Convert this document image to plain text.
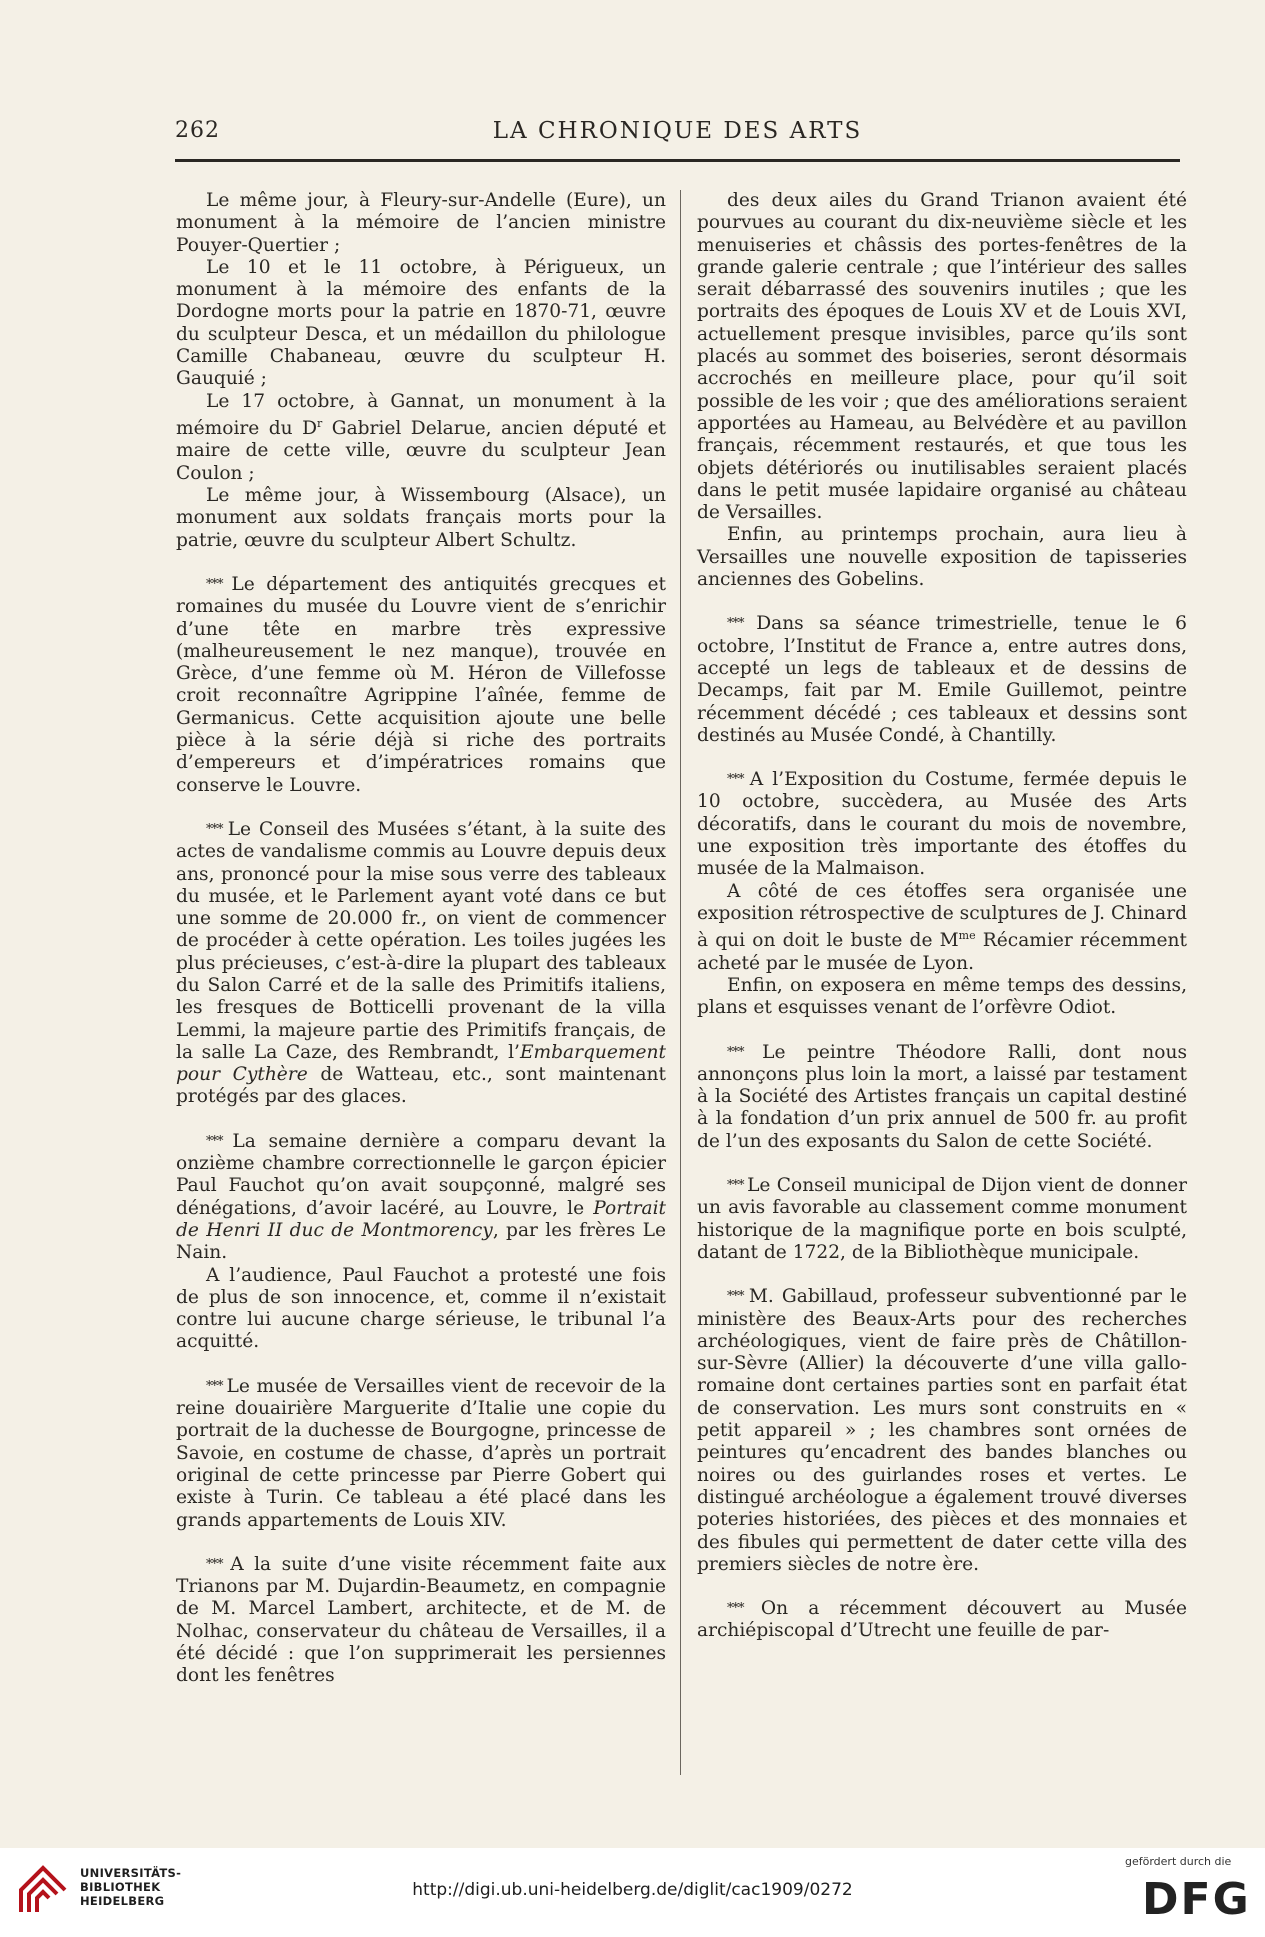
262	LA CHRONIQUE DES ARTS

Le même jour, à Fleury-sur-Andelle (Eure), un monument à la mémoire de l’ancien ministre Pouyer-Quertier ;

Le 10 et le 11 octobre, à Périgueux, un monument à la mémoire des enfants de la Dordogne morts pour la patrie en 1870-71, œuvre du sculpteur Desca, et un médaillon du philologue Camille Chabaneau, œuvre du sculpteur H. Gauquié ;

Le 17 octobre, à Gannat, un monument à la mémoire du $D^r$ Gabriel Delarue, ancien député et maire de cette ville, œuvre du sculpteur Jean Coulon ;

Le même jour, à Wissembourg (Alsace), un monument aux soldats français morts pour la patrie, œuvre du sculpteur Albert Schultz.

*** Le département des antiquités grecques et romaines du musée du Louvre vient de s’enrichir d’une tête en marbre très expressive (malheureusement le nez manque), trouvée en Grèce, d’une femme où M. Héron de Villefosse croit reconnaître Agrippine l’aînée, femme de Germanicus. Cette acquisition ajoute une belle pièce à la série déjà si riche des portraits d’empereurs et d’impératrices romains que conserve le Louvre.

*** Le Conseil des Musées s’étant, à la suite des actes de vandalisme commis au Louvre depuis deux ans, prononcé pour la mise sous verre des tableaux du musée, et le Parlement ayant voté dans ce but une somme de 20.000 fr., on vient de commencer de procéder à cette opération. Les toiles jugées les plus précieuses, c’est-à-dire la plupart des tableaux du Salon Carré et de la salle des Primitifs italiens, les fresques de Botticelli provenant de la villa Lemmi, la majeure partie des Primitifs français, de la salle La Caze, des Rembrandt, l’Embarquement pour Cythère de Watteau, etc., sont maintenant protégés par des glaces.

*** La semaine dernière a comparu devant la onzième chambre correctionnelle le garçon épicier Paul Fauchot qu’on avait soupçonné, malgré ses dénégations, d’avoir lacéré, au Louvre, le Portrait de Henri II duc de Montmorency, par les frères Le Nain.

A l’audience, Paul Fauchot a protesté une fois de plus de son innocence, et, comme il n’existait contre lui aucune charge sérieuse, le tribunal l’a acquitté.

*** Le musée de Versailles vient de recevoir de la reine douairière Marguerite d’Italie une copie du portrait de la duchesse de Bourgogne, princesse de Savoie, en costume de chasse, d’après un portrait original de cette princesse par Pierre Gobert qui existe à Turin. Ce tableau a été placé dans les grands appartements de Louis XIV.

*** A la suite d’une visite récemment faite aux Trianons par M. Dujardin-Beaumetz, en compagnie de M. Marcel Lambert, architecte, et de M. de Nolhac, conservateur du château de Versailles, il a été décidé : que l’on supprimerait les persiennes dont les fenêtres

des deux ailes du Grand Trianon avaient été pourvues au courant du dix-neuvième siècle et les menuiseries et châssis des portes-fenêtres de la grande galerie centrale ; que l’intérieur des salles serait débarrassé des souvenirs inutiles ; que les portraits des époques de Louis XV et de Louis XVI, actuellement presque invisibles, parce qu’ils sont placés au sommet des boiseries, seront désormais accrochés en meilleure place, pour qu’il soit possible de les voir ; que des améliorations seraient apportées au Hameau, au Belvédère et au pavillon français, récemment restaurés, et que tous les objets détériorés ou inutilisables seraient placés dans le petit musée lapidaire organisé au château de Versailles.

Enfin, au printemps prochain, aura lieu à Versailles une nouvelle exposition de tapisseries anciennes des Gobelins.

*** Dans sa séance trimestrielle, tenue le 6 octobre, l’Institut de France a, entre autres dons, accepté un legs de tableaux et de dessins de Decamps, fait par M. Emile Guillemot, peintre récemment décédé ; ces tableaux et dessins sont destinés au Musée Condé, à Chantilly.

*** A l’Exposition du Costume, fermée depuis le 10 octobre, succèdera, au Musée des Arts décoratifs, dans le courant du mois de novembre, une exposition très importante des étoffes du musée de la Malmaison.

A côté de ces étoffes sera organisée une exposition rétrospective de sculptures de J. Chinard à qui on doit le buste de $M^{me}$ Récamier récemment acheté par le musée de Lyon.

Enfin, on exposera en même temps des dessins, plans et esquisses venant de l’orfèvre Odiot.

*** Le peintre Théodore Ralli, dont nous annonçons plus loin la mort, a laissé par testament à la Société des Artistes français un capital destiné à la fondation d’un prix annuel de 500 fr. au profit de l’un des exposants du Salon de cette Société.

*** Le Conseil municipal de Dijon vient de donner un avis favorable au classement comme monument historique de la magnifique porte en bois sculpté, datant de 1722, de la Bibliothèque municipale.

*** M. Gabillaud, professeur subventionné par le ministère des Beaux-Arts pour des recherches archéologiques, vient de faire près de Châtillon-sur-Sèvre (Allier) la découverte d’une villa gallo-romaine dont certaines parties sont en parfait état de conservation. Les murs sont construits en « petit appareil » ; les chambres sont ornées de peintures qu’encadrent des bandes blanches ou noires ou des guirlandes roses et vertes. Le distingué archéologue a également trouvé diverses poteries historiées, des pièces et des monnaies et des fibules qui permettent de dater cette villa des premiers siècles de notre ère.

*** On a récemment découvert au Musée archiépiscopal d’Utrecht une feuille de par-

UNIVERSITÄTS-
BIBLIOTHEK
HEIDELBERG
http://digi.ub.uni-heidelberg.de/diglit/cac1909/0272
gefördert durch die
DFG
